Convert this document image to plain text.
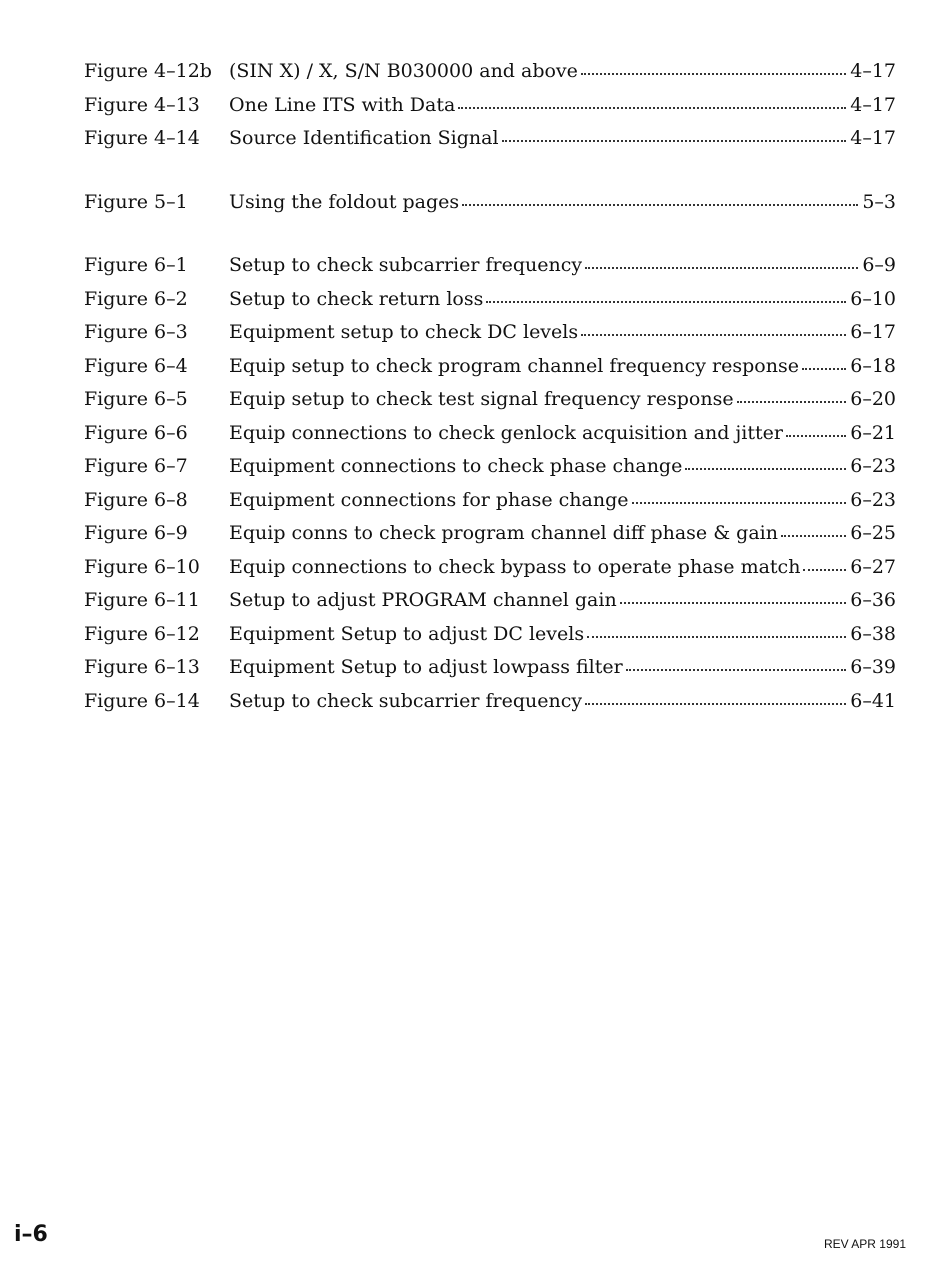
Figure 4–12b (SIN X) / X, S/N B030000 and above	4–17
Figure 4–13	One Line ITS with Data	4–17
Figure 4–14	Source Identification Signal	4–17
Figure 5–1	Using the foldout pages	5–3
Figure 6–1	Setup to check subcarrier frequency	6–9
Figure 6–2	Setup to check return loss	6–10
Figure 6–3	Equipment setup to check DC levels	6–17
Figure 6–4	Equip setup to check program channel frequency response	6–18
Figure 6–5	Equip setup to check test signal frequency response	6–20
Figure 6–6	Equip connections to check genlock acquisition and jitter	6–21
Figure 6–7	Equipment connections to check phase change	6–23
Figure 6–8	Equipment connections for phase change	6–23
Figure 6–9	Equip conns to check program channel diff phase & gain	6–25
Figure 6–10	Equip connections to check bypass to operate phase match	6–27
Figure 6–11	Setup to adjust PROGRAM channel gain	6–36
Figure 6–12	Equipment Setup to adjust DC levels	6–38
Figure 6–13	Equipment Setup to adjust lowpass filter	6–39
Figure 6–14	Setup to check subcarrier frequency	6–41
i–6	REV APR 1991
